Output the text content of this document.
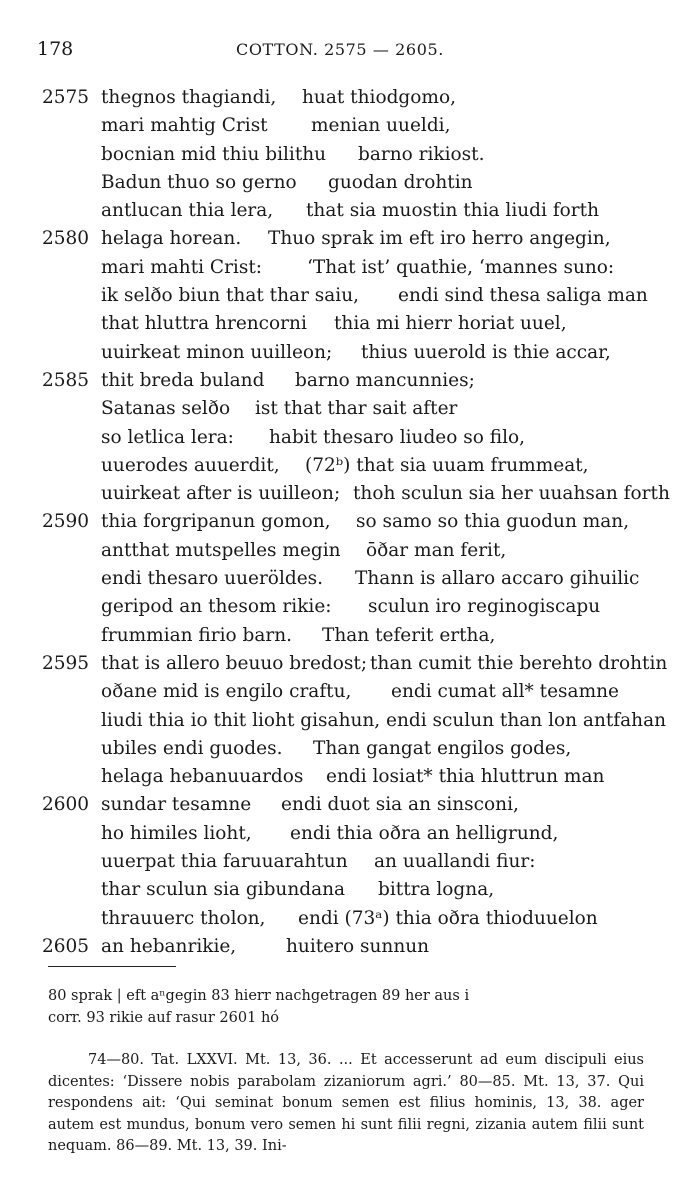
178	COTTON. 2575 — 2605.
2575 thegnos thagiandi, huat thiodgomo,
mari mahtig Crist menian uueldi,
bocnian mid thiu bilithu barno rikiost.
Badun thuo so gerno guodan drohtin
antlucan thia lera, that sia muostin thia liudi forth
2580 helaga horean. Thuo sprak im eft iro herro angegin,
mari mahti Crist: ‘That ist’ quathie, ‘mannes suno:
ik selðo biun that thar saiu, endi sind thesa saliga man
that hluttra hrencorni thia mi hierr horiat uuel,
uuirkeat minon uuilleon; thius uuerold is thie accar,
2585 thit breda buland barno mancunnies;
Satanas selðo ist that thar sait after
so letlica lera: habit thesaro liudeo so filo,
uuerodes auuerdit, (72ᵇ) that sia uuam frummeat,
uuirkeat after is uuilleon; thoh sculun sia her uuahsan forth
2590 thia forgripanun gomon, so samo so thia guodun man,
antthat mutspelles megin ōðar man ferit,
endi thesaro uueröldes. Thann is allaro accaro gihuilic
geripod an thesom rikie: sculun iro reginogiscapu
frummian firio barn. Than teferit ertha,
2595 that is allero beuuo bredost; than cumit thie berehto drohtin
oðane mid is engilo craftu, endi cumat all* tesamne
liudi thia io thit lioht gisahun, endi sculun than lon antfahan
ubiles endi guodes. Than gangat engilos godes,
helaga hebanuuardos endi losiat* thia hluttrun man
2600 sundar tesamne endi duot sia an sinsconi,
ho himiles lioht, endi thia oðra an helligrund,
uuerpat thia faruuarahtun an uuallandi fiur:
thar sculun sia gibundana bittra logna,
thrauuerc tholon, endi (73ᵃ) thia oðra thioduuelon
2605 an hebanrikie,	huitero sunnun
80 sprak | eft aⁿgegin 83 hierr nachgetragen 89 her aus i
corr. 93 rikie auf rasur 2601 hó

74—80. Tat. LXXVI. Mt. 13, 36. ... Et accesserunt ad eum discipuli eius dicentes: ‘Dissere nobis parabolam zizaniorum agri.’ 80—85. Mt. 13, 37. Qui respondens ait: ‘Qui seminat bonum semen est filius hominis, 13, 38. ager autem est mundus, bonum vero semen hi sunt filii regni, zizania autem filii sunt nequam. 86—89. Mt. 13, 39. Ini-
